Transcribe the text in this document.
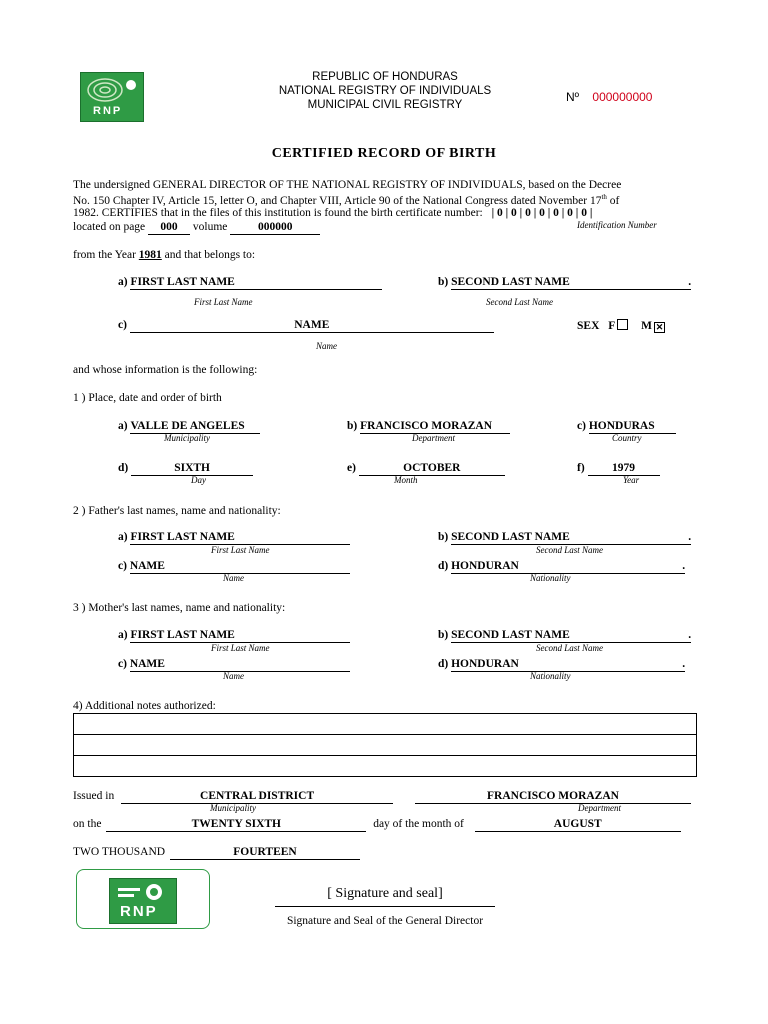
RNP
REPUBLIC OF HONDURAS
NATIONAL REGISTRY OF INDIVIDUALS
MUNICIPAL CIVIL REGISTRY
Nº 000000000
CERTIFIED RECORD OF BIRTH
The undersigned GENERAL DIRECTOR OF THE NATIONAL REGISTRY OF INDIVIDUALS, based on the Decree
No. 150 Chapter IV, Article 15, letter O, and Chapter VIII, Article 90 of the National Congress dated November 17th of
1982. CERTIFIES that in the files of this institution is found the birth certificate number: | 0 | 0 | 0 | 0 | 0 | 0 | 0 |
Identification Number
located on page 000 volume	000000
from the Year 1981 and that belongs to:
a) FIRST LAST NAME
First Last Name
b) SECOND LAST NAME	.
Second Last Name
c)	NAME
Name
SEX F M ✕
and whose information is the following:
1 ) Place, date and order of birth
a) VALLE DE ANGELES
Municipality
b) FRANCISCO MORAZAN
Department
c) HONDURAS
Country
d)	SIXTH
Day
e)	OCTOBER
Month
f) 1979
Year
2 ) Father's last names, name and nationality:
a) FIRST LAST NAME
First Last Name
b) SECOND LAST NAME	.
Second Last Name
c) NAME
Name
d) HONDURAN	.
Nationality
3 ) Mother's last names, name and nationality:
a) FIRST LAST NAME
First Last Name
b) SECOND LAST NAME	.
Second Last Name
c) NAME
Name
d) HONDURAN	.
Nationality
4) Additional notes authorized:
Issued in	CENTRAL DISTRICT
Municipality
FRANCISCO MORAZAN
Department
on the	TWENTY SIXTH	day of the month of	AUGUST
TWO THOUSAND	FOURTEEN
RNP
[ Signature and seal]
Signature and Seal of the General Director
